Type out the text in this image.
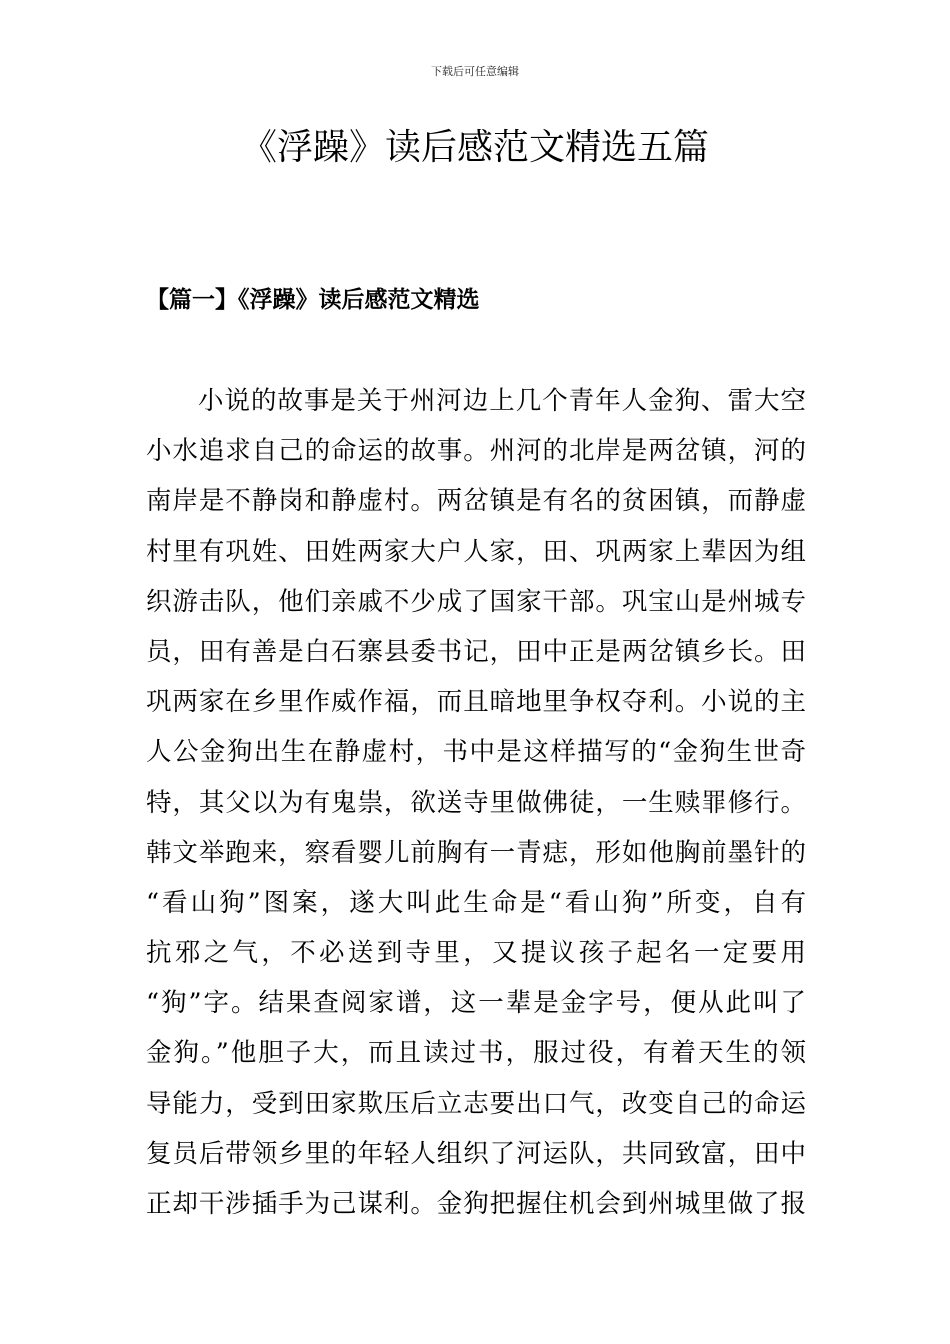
下载后可任意编辑
《浮躁》读后感范文精选五篇
【篇一】《浮躁》读后感范文精选
小说的故事是关于州河边上几个青年人金狗、雷大空
小水追求自己的命运的故事。州河的北岸是两岔镇，河的
南岸是不静岗和静虚村。两岔镇是有名的贫困镇，而静虚
村里有巩姓、田姓两家大户人家，田、巩两家上辈因为组
织游击队，他们亲戚不少成了国家干部。巩宝山是州城专
员，田有善是白石寨县委书记，田中正是两岔镇乡长。田
巩两家在乡里作威作福，而且暗地里争权夺利。小说的主
人公金狗出生在静虚村，书中是这样描写的“金狗生世奇
特，其父以为有鬼祟，欲送寺里做佛徒，一生赎罪修行。
韩文举跑来，察看婴儿前胸有一青痣，形如他胸前墨针的
“看山狗”图案，遂大叫此生命是“看山狗”所变，自有
抗邪之气，不必送到寺里，又提议孩子起名一定要用
“狗”字。结果查阅家谱，这一辈是金字号，便从此叫了
金狗。”他胆子大，而且读过书，服过役，有着天生的领
导能力，受到田家欺压后立志要出口气，改变自己的命运
复员后带领乡里的年轻人组织了河运队，共同致富，田中
正却干涉插手为己谋利。金狗把握住机会到州城里做了报
